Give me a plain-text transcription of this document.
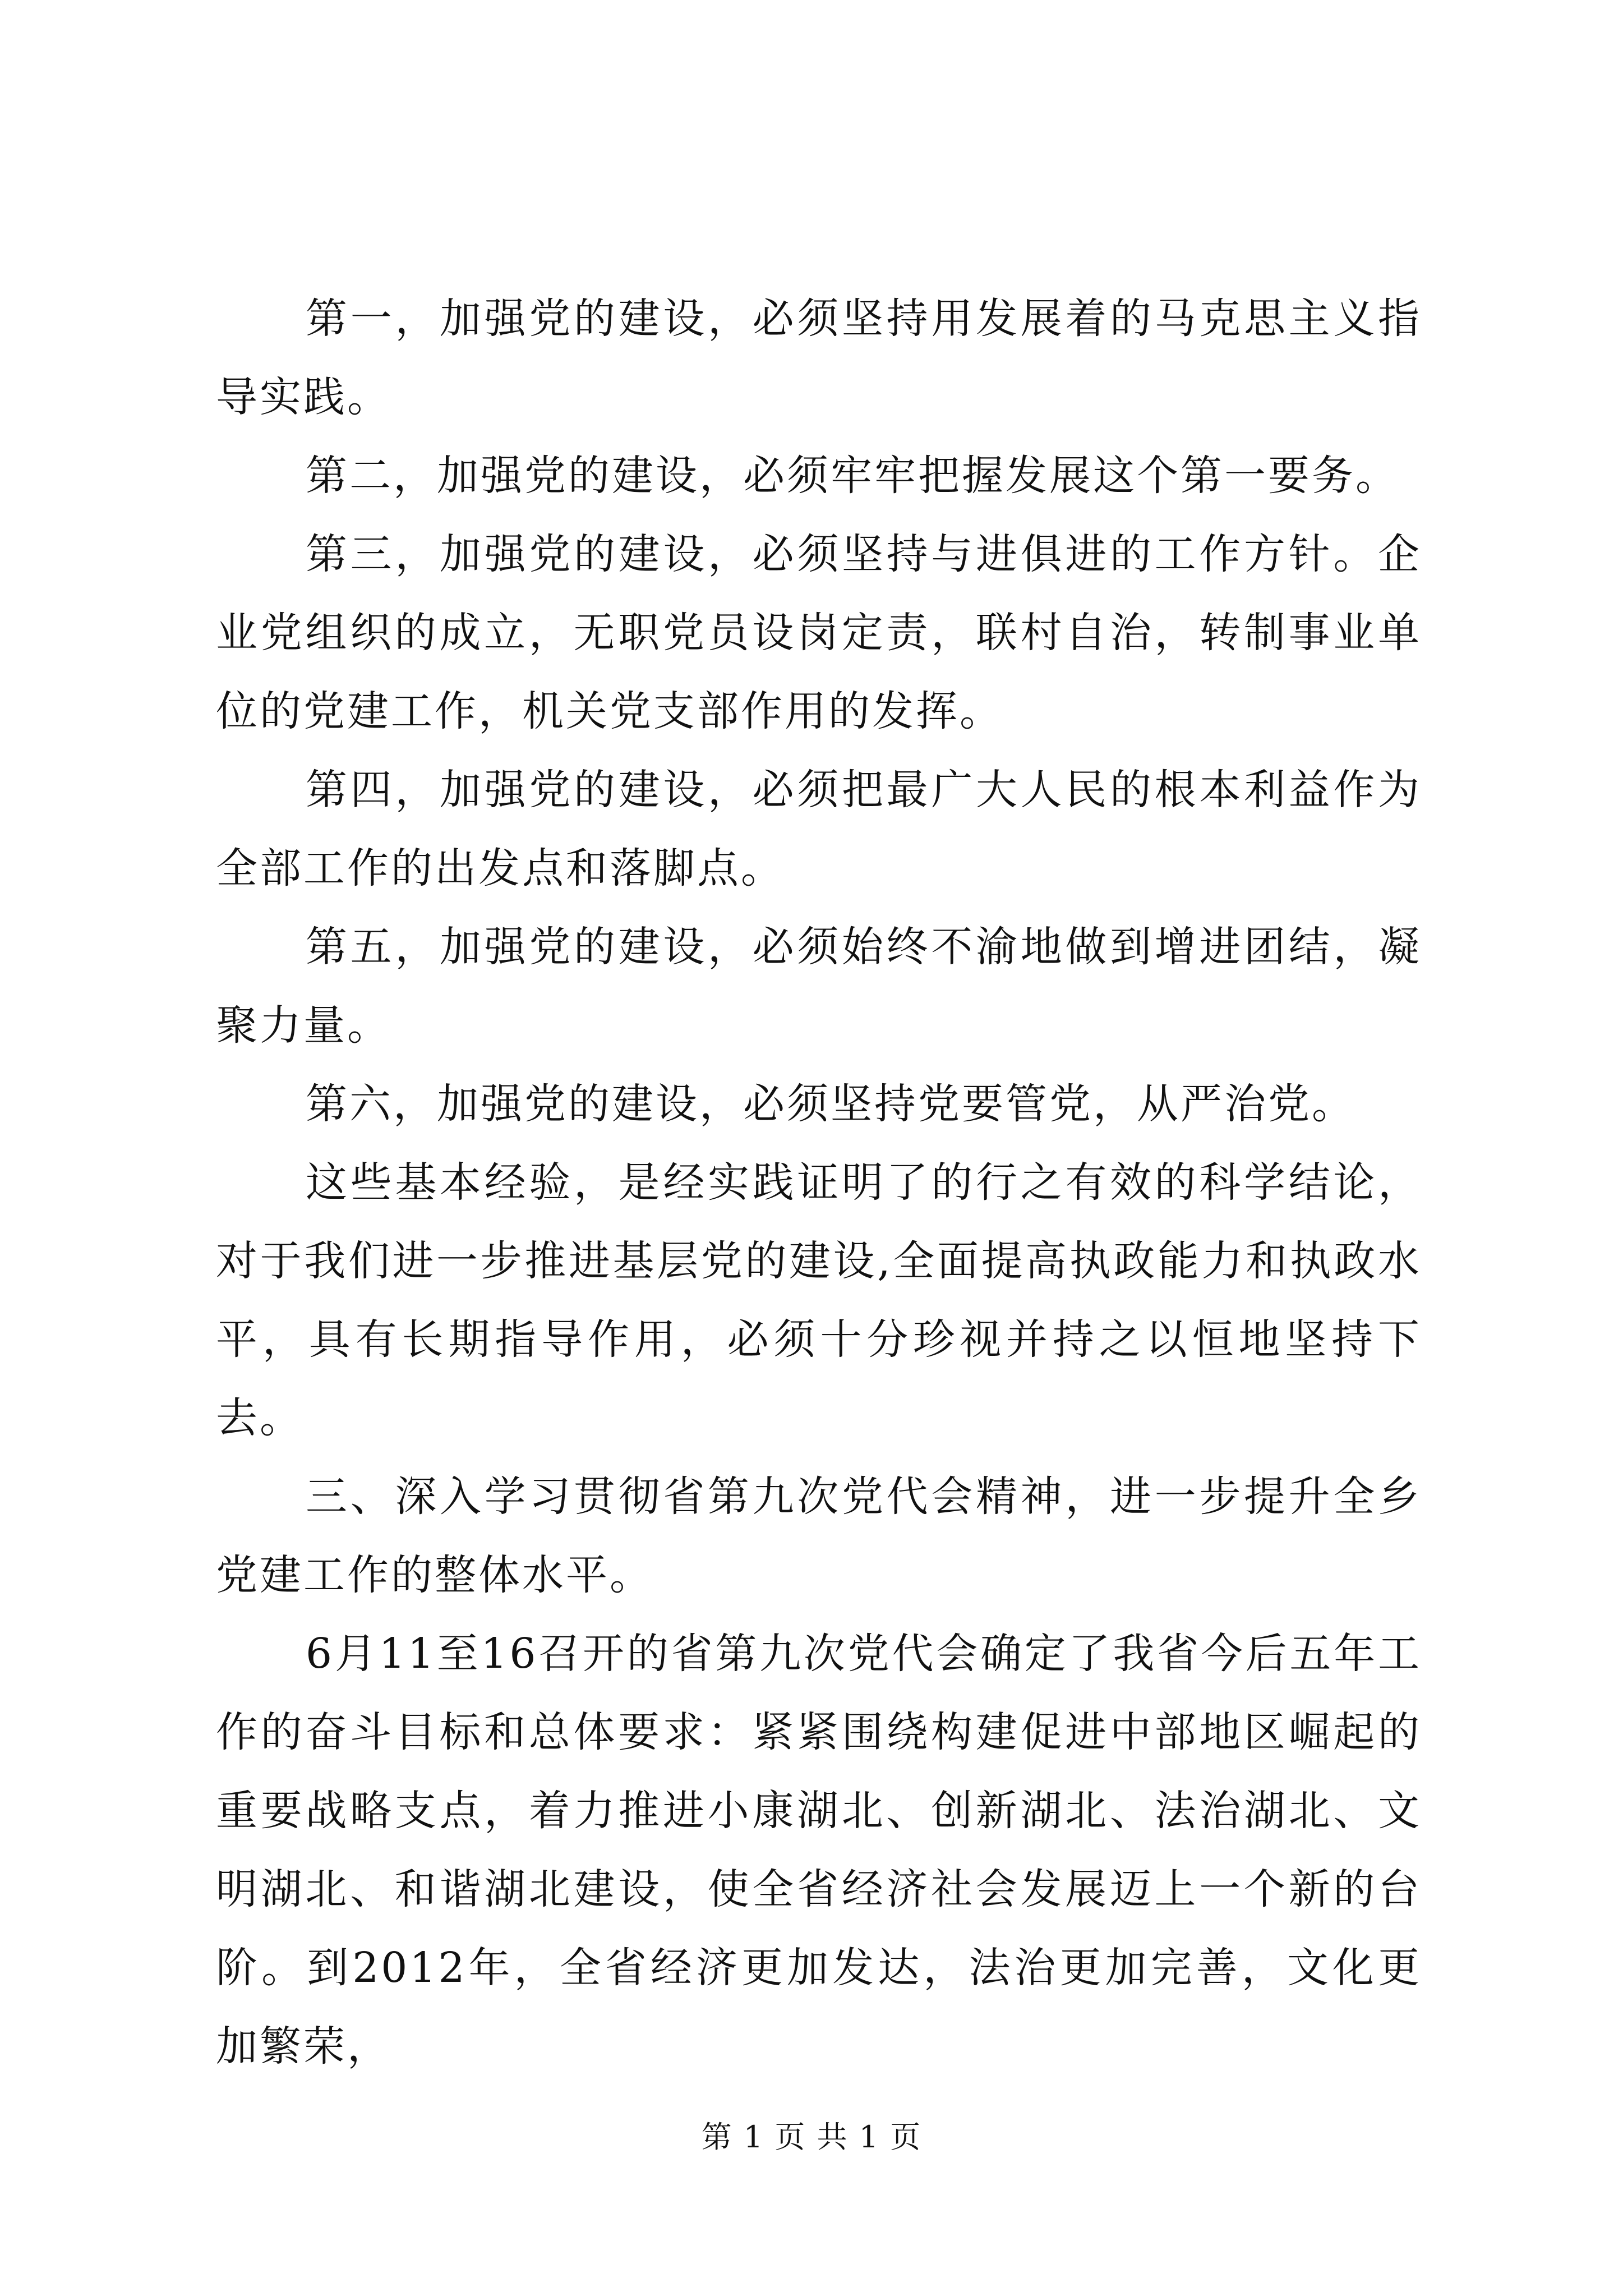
第一，加强党的建设，必须坚持用发展着的马克思主义指导实践。

第二，加强党的建设，必须牢牢把握发展这个第一要务。

第三，加强党的建设，必须坚持与进俱进的工作方针。企业党组织的成立，无职党员设岗定责，联村自治，转制事业单位的党建工作，机关党支部作用的发挥。

第四，加强党的建设，必须把最广大人民的根本利益作为全部工作的出发点和落脚点。

第五，加强党的建设，必须始终不渝地做到增进团结，凝聚力量。

第六，加强党的建设，必须坚持党要管党，从严治党。

这些基本经验，是经实践证明了的行之有效的科学结论，对于我们进一步推进基层党的建设,全面提高执政能力和执政水平，具有长期指导作用，必须十分珍视并持之以恒地坚持下去。

三、深入学习贯彻省第九次党代会精神，进一步提升全乡党建工作的整体水平。

6月11至16召开的省第九次党代会确定了我省今后五年工作的奋斗目标和总体要求：紧紧围绕构建促进中部地区崛起的重要战略支点，着力推进小康湖北、创新湖北、法治湖北、文明湖北、和谐湖北建设，使全省经济社会发展迈上一个新的台阶。到2012年，全省经济更加发达，法治更加完善，文化更加繁荣，

第 1 页 共 1 页
